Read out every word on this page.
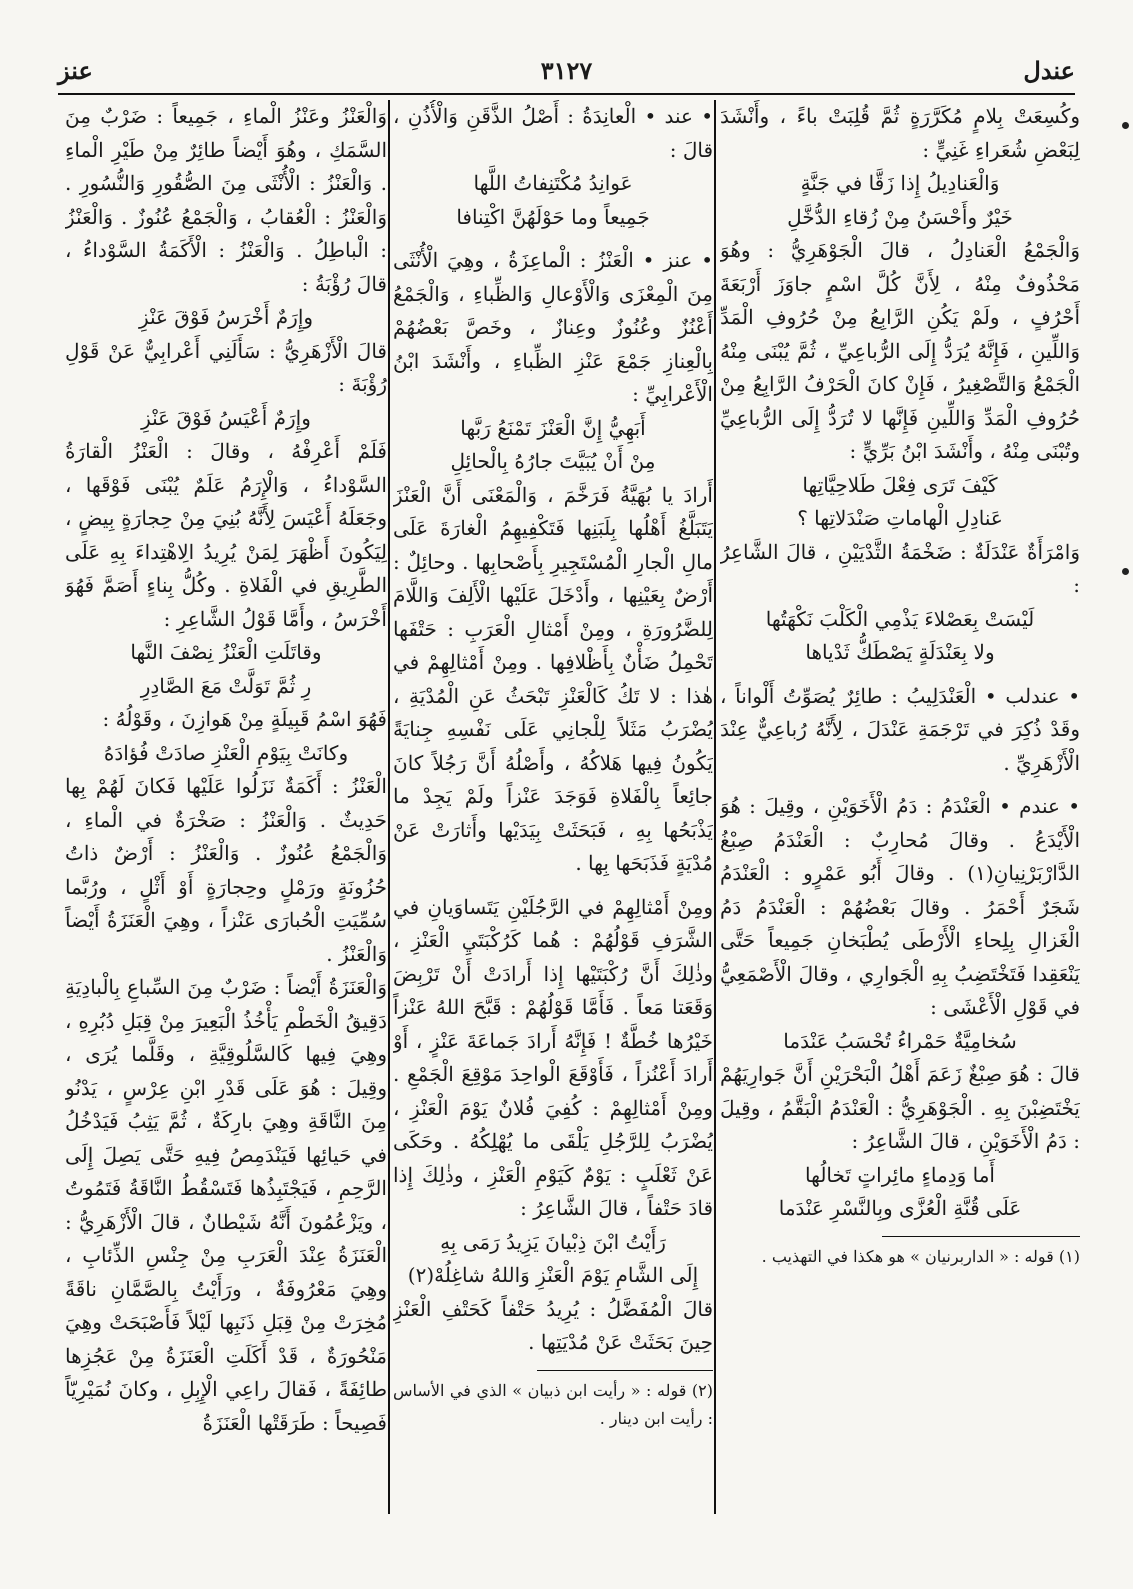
عندل
٣١٢٧
عنز

وكُسِعَتْ بِلامٍ مُكَرَّرَةٍ ثُمَّ قُلِبَتْ باءً ، وأَنْشَدَ لِبَعْضِ شُعَراءِ غَنِيٍّ :

وَالْعَنادِيلُ إِذا زَقَّا في جَنَّةٍ

خَيْرٌ وأَحْسَنُ مِنْ زُقاءِ الدُّخَّلِ

وَالْجَمْعُ الْعَنادِلُ ، قالَ الْجَوْهَرِيُّ : وهُوَ مَحْذُوفٌ مِنْهُ ، لِأَنَّ كُلَّ اسْمٍ جاوَزَ أَرْبَعَةَ أَحْرُفٍ ، ولَمْ يَكُنِ الرَّابِعُ مِنْ حُرُوفِ الْمَدِّ وَاللِّينِ ، فَإِنَّهُ يُرَدُّ إِلَى الرُّباعِيِّ ، ثُمَّ يُبْنَى مِنْهُ الْجَمْعُ وَالتَّصْغِيرُ ، فَإِنْ كانَ الْحَرْفُ الرَّابِعُ مِنْ حُرُوفِ الْمَدِّ وَاللِّينِ فَإِنَّها لا تُرَدُّ إِلَى الرُّباعِيِّ وتُبْنَى مِنْهُ ، وأَنْشَدَ ابْنُ بَرِّيٍّ :

كَيْفَ تَرَى فِعْلَ طَلاحِيَّاتِها

عَنادِلِ الْهاماتِ صَنْدَلاتِها ؟

وَامْرَأَةٌ عَنْدَلَةٌ : ضَخْمَةُ الثَّدْيَيْنِ ، قالَ الشَّاعِرُ :

لَيْسَتْ بِعَصْلاءَ يَذْمِي الْكَلْبَ نَكْهَتُها

ولا بِعَنْدَلَةٍ يَصْطَكُّ ثَدْياها

• عندلب • الْعَنْدَلِيبُ : طائِرٌ يُصَوِّتُ أَلْواناً ، وقَدْ ذُكِرَ في تَرْجَمَةِ عَنْدَلَ ، لِأَنَّهُ رُباعِيٌّ عِنْدَ الْأَزْهَرِيِّ .

• عندم • الْعَنْدَمُ : دَمُ الْأَخَوَيْنِ ، وقِيلَ : هُوَ الْأَيْدَعُ . وقالَ مُحارِبٌ : الْعَنْدَمُ صِبْغُ الدَّارْبَرْنِيانِ(١) . وقالَ أَبُو عَمْرٍو : الْعَنْدَمُ شَجَرٌ أَحْمَرُ . وقالَ بَعْضُهُمْ : الْعَنْدَمُ دَمُ الْغَزالِ بِلِحاءِ الْأَرْطَى يُطْبَخانِ جَمِيعاً حَتَّى يَنْعَقِدا فَتَخْتَضِبُ بِهِ الْجَوارِي ، وقالَ الْأَصْمَعِيُّ في قَوْلِ الْأَعْشَى :

سُخامِيَّةٌ حَمْراءُ تُحْسَبُ عَنْدَما

قالَ : هُوَ صِبْغٌ زَعَمَ أَهْلُ الْبَحْرَيْنِ أَنَّ جَوارِيَهُمْ يَخْتَضِبْنَ بِهِ . الْجَوْهَرِيُّ : الْعَنْدَمُ الْبَقَّمُ ، وقِيلَ : دَمُ الْأَخَوَيْنِ ، قالَ الشَّاعِرُ :

أَما وَدِماءٍ مائِراتٍ تَخالُها

عَلَى قُنَّةِ الْعُزَّى وبِالنَّسْرِ عَنْدَما

(١) قوله : « الداربرنيان » هو هكذا في التهذيب .

• عند • الْعانِدَةُ : أَصْلُ الذَّقَنِ وَالْأُذُنِ ، قالَ :

عَوانِدُ مُكْتَنِفاتُ اللَّها

جَمِيعاً وما حَوْلَهُنَّ اكْتِنافا

• عنز • الْعَنْزُ : الْماعِزَةُ ، وهِيَ الْأُنْثَى مِنَ الْمِعْزَى وَالْأَوْعالِ وَالظِّباءِ ، وَالْجَمْعُ أَعْنُزٌ وعُنُوزٌ وعِنازٌ ، وخَصَّ بَعْضُهُمْ بِالْعِنازِ جَمْعَ عَنْزِ الظِّباءِ ، وأَنْشَدَ ابْنُ الْأَعْرابِيِّ :

أَبَهِيُّ إِنَّ الْعَنْزَ تَمْنَعُ رَبَّها

مِنْ أَنْ يُبَيَّتَ جارُهُ بِالْحائِلِ

أَرادَ يا بُهَيَّةُ فَرَخَّمَ ، وَالْمَعْنَى أَنَّ الْعَنْزَ يَتَبَلَّغُ أَهْلُها بِلَبَنِها فَتَكْفِيهِمُ الْغارَةَ عَلَى مالِ الْجارِ الْمُسْتَجِيرِ بِأَصْحابِها . وحائِلٌ : أَرْضٌ بِعَيْنِها ، وأَدْخَلَ عَلَيْها الْأَلِفَ وَاللَّامَ لِلضَّرُورَةِ ، ومِنْ أَمْثالِ الْعَرَبِ : حَتْفَها تَحْمِلُ ضَأْنٌ بِأَظْلافِها . ومِنْ أَمْثالِهِمْ في هٰذا : لا تَكُ كَالْعَنْزِ تَبْحَثُ عَنِ الْمُدْيَةِ ، يُضْرَبُ مَثَلاً لِلْجانِي عَلَى نَفْسِهِ جِنايَةً يَكُونُ فِيها هَلاكُهُ ، وأَصْلُهُ أَنَّ رَجُلاً كانَ جائِعاً بِالْفَلاةِ فَوَجَدَ عَنْزاً ولَمْ يَجِدْ ما يَذْبَحُها بِهِ ، فَبَحَثَتْ بِيَدَيْها وأَثارَتْ عَنْ مُدْيَةٍ فَذَبَحَها بِها .

ومِنْ أَمْثالِهِمْ في الرَّجُلَيْنِ يَتَساوَيانِ في الشَّرَفِ قَوْلُهُمْ : هُما كَرُكْبَتَيِ الْعَنْزِ ، وذٰلِكَ أَنَّ رُكْبَتَيْها إِذا أَرادَتْ أَنْ تَرْبِضَ وَقَعَتا مَعاً . فَأَمَّا قَوْلُهُمْ : قَبَّحَ اللهُ عَنْزاً خَيْرُها خُطَّةٌ ! فَإِنَّهُ أَرادَ جَماعَةَ عَنْزٍ ، أَوْ أَرادَ أَعْنُزاً ، فَأَوْقَعَ الْواحِدَ مَوْقِعَ الْجَمْعِ . ومِنْ أَمْثالِهِمْ : كُفِيَ فُلانٌ يَوْمَ الْعَنْزِ ، يُضْرَبُ لِلرَّجُلِ يَلْقَى ما يُهْلِكُهُ . وحَكَى عَنْ ثَعْلَبٍ : يَوْمٌ كَيَوْمِ الْعَنْزِ ، وذٰلِكَ إِذا قادَ حَتْفاً ، قالَ الشَّاعِرُ :

رَأَيْتُ ابْنَ ذِبْيانَ يَزِيدُ رَمَى بِهِ

إِلَى الشَّامِ يَوْمَ الْعَنْزِ وَاللهُ شاغِلُهْ(٢)

قالَ الْمُفَضَّلُ : يُرِيدُ حَتْفاً كَحَتْفِ الْعَنْزِ حِينَ بَحَثَتْ عَنْ مُدْيَتِها .

(٢) قوله : « رأيت ابن ذبيان » الذي في الأساس : رأيت ابن دينار .

وَالْعَنْزُ وعَنْزُ الْماءِ ، جَمِيعاً : ضَرْبٌ مِنَ السَّمَكِ ، وهُوَ أَيْضاً طائِرٌ مِنْ طَيْرِ الْماءِ . وَالْعَنْزُ : الْأُنْثَى مِنَ الصُّقُورِ وَالنُّسُورِ . وَالْعَنْزُ : الْعُقابُ ، وَالْجَمْعُ عُنُوزٌ . وَالْعَنْزُ : الْباطِلُ . وَالْعَنْزُ : الْأَكَمَةُ السَّوْداءُ ، قالَ رُؤْبَةُ :

وإِرَمٌ أَخْرَسُ فَوْقَ عَنْزِ

قالَ الْأَزْهَرِيُّ : سَأَلَنِي أَعْرابِيٌّ عَنْ قَوْلِ رُؤْبَةَ :

وإِرَمٌ أَعْيَسُ فَوْقَ عَنْزِ

فَلَمْ أَعْرِفْهُ ، وقالَ : الْعَنْزُ الْقارَةُ السَّوْداءُ ، وَالْإِرَمُ عَلَمٌ يُبْنَى فَوْقَها ، وجَعَلَهُ أَعْيَسَ لِأَنَّهُ بُنِيَ مِنْ حِجارَةٍ بِيضٍ ، لِيَكُونَ أَظْهَرَ لِمَنْ يُرِيدُ الِاهْتِداءَ بِهِ عَلَى الطَّرِيقِ في الْفَلاةِ . وكُلُّ بِناءٍ أَصَمَّ فَهُوَ أَخْرَسُ ، وأَمَّا قَوْلُ الشَّاعِرِ :

وقاتَلَتِ الْعَنْزُ نِصْفَ النَّها

رِ ثُمَّ تَوَلَّتْ مَعَ الصَّادِرِ

فَهُوَ اسْمُ قَبِيلَةٍ مِنْ هَوازِنَ ، وقَوْلُهُ :

وكانَتْ بِيَوْمِ الْعَنْزِ صادَتْ فُؤادَهُ

الْعَنْزُ : أَكَمَةٌ نَزَلُوا عَلَيْها فَكانَ لَهُمْ بِها حَدِيثٌ . وَالْعَنْزُ : صَخْرَةٌ في الْماءِ ، وَالْجَمْعُ عُنُوزٌ . وَالْعَنْزُ : أَرْضٌ ذاتُ حُزُونَةٍ ورَمْلٍ وحِجارَةٍ أَوْ أَثْلٍ ، ورُبَّما سُمِّيَتِ الْحُبارَى عَنْزاً ، وهِيَ الْعَنَزَةُ أَيْضاً وَالْعَنْزُ .

وَالْعَنَزَةُ أَيْضاً : ضَرْبٌ مِنَ السِّباعِ بِالْبادِيَةِ دَقِيقُ الْخَطْمِ يَأْخُذُ الْبَعِيرَ مِنْ قِبَلِ دُبُرِهِ ، وهِيَ فِيها كَالسَّلُوقِيَّةِ ، وقَلَّما يُرَى ، وقِيلَ : هُوَ عَلَى قَدْرِ ابْنِ عِرْسٍ ، يَدْنُو مِنَ النَّاقَةِ وهِيَ بارِكَةٌ ، ثُمَّ يَثِبُ فَيَدْخُلُ في حَيائِها فَيَنْدَمِصُ فِيهِ حَتَّى يَصِلَ إِلَى الرَّحِمِ ، فَيَجْتَبِذُها فَتَسْقُطُ النَّاقَةُ فَتَمُوتُ ، ويَزْعُمُونَ أَنَّهُ شَيْطانٌ ، قالَ الْأَزْهَرِيُّ : الْعَنَزَةُ عِنْدَ الْعَرَبِ مِنْ جِنْسِ الذِّئابِ ، وهِيَ مَعْرُوفَةٌ ، ورَأَيْتُ بِالصَّمَّانِ ناقَةً مُخِرَتْ مِنْ قِبَلِ ذَنَبِها لَيْلاً فَأَصْبَحَتْ وهِيَ مَنْحُورَةٌ ، قَدْ أَكَلَتِ الْعَنَزَةُ مِنْ عَجُزِها طائِفَةً ، فَقالَ راعِي الْإِبِلِ ، وكانَ نُمَيْرِيّاً فَصِيحاً : طَرَقَتْها الْعَنَزَةُ
